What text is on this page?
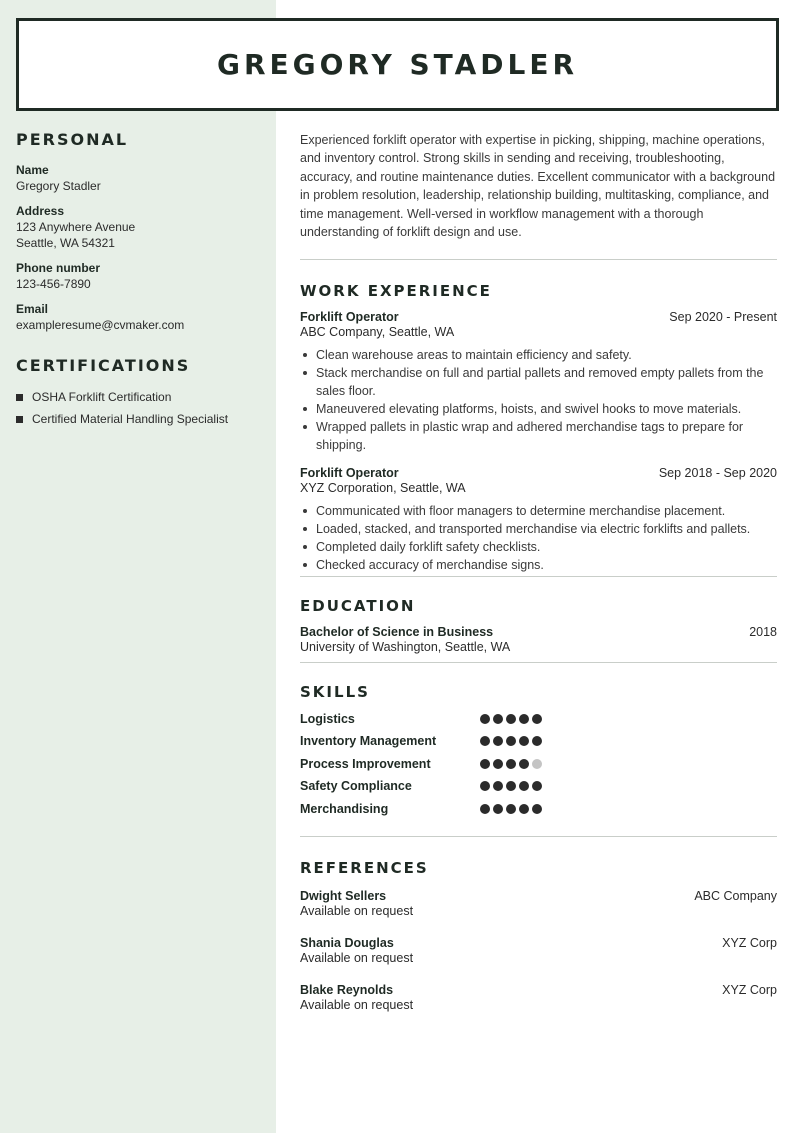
GREGORY STADLER
PERSONAL
Name
Gregory Stadler
Address
123 Anywhere Avenue
Seattle, WA 54321
Phone number
123-456-7890
Email
exampleresume@cvmaker.com
CERTIFICATIONS
OSHA Forklift Certification
Certified Material Handling Specialist

Experienced forklift operator with expertise in picking, shipping, machine operations, and inventory control. Strong skills in sending and receiving, troubleshooting, accuracy, and routine maintenance duties. Excellent communicator with a background in problem resolution, leadership, relationship building, multitasking, compliance, and time management. Well-versed in workflow management with a thorough understanding of forklift design and use.

WORK EXPERIENCE
Forklift Operator	Sep 2020 - Present
ABC Company, Seattle, WA
Clean warehouse areas to maintain efficiency and safety.
Stack merchandise on full and partial pallets and removed empty pallets from the sales floor.
Maneuvered elevating platforms, hoists, and swivel hooks to move materials.
Wrapped pallets in plastic wrap and adhered merchandise tags to prepare for shipping.
Forklift Operator	Sep 2018 - Sep 2020
XYZ Corporation, Seattle, WA
Communicated with floor managers to determine merchandise placement.
Loaded, stacked, and transported merchandise via electric forklifts and pallets.
Completed daily forklift safety checklists.
Checked accuracy of merchandise signs.
EDUCATION
Bachelor of Science in Business	2018
University of Washington, Seattle, WA
SKILLS
Logistics
Inventory Management
Process Improvement
Safety Compliance
Merchandising
REFERENCES
Dwight Sellers	ABC Company
Available on request
Shania Douglas	XYZ Corp
Available on request
Blake Reynolds	XYZ Corp
Available on request
